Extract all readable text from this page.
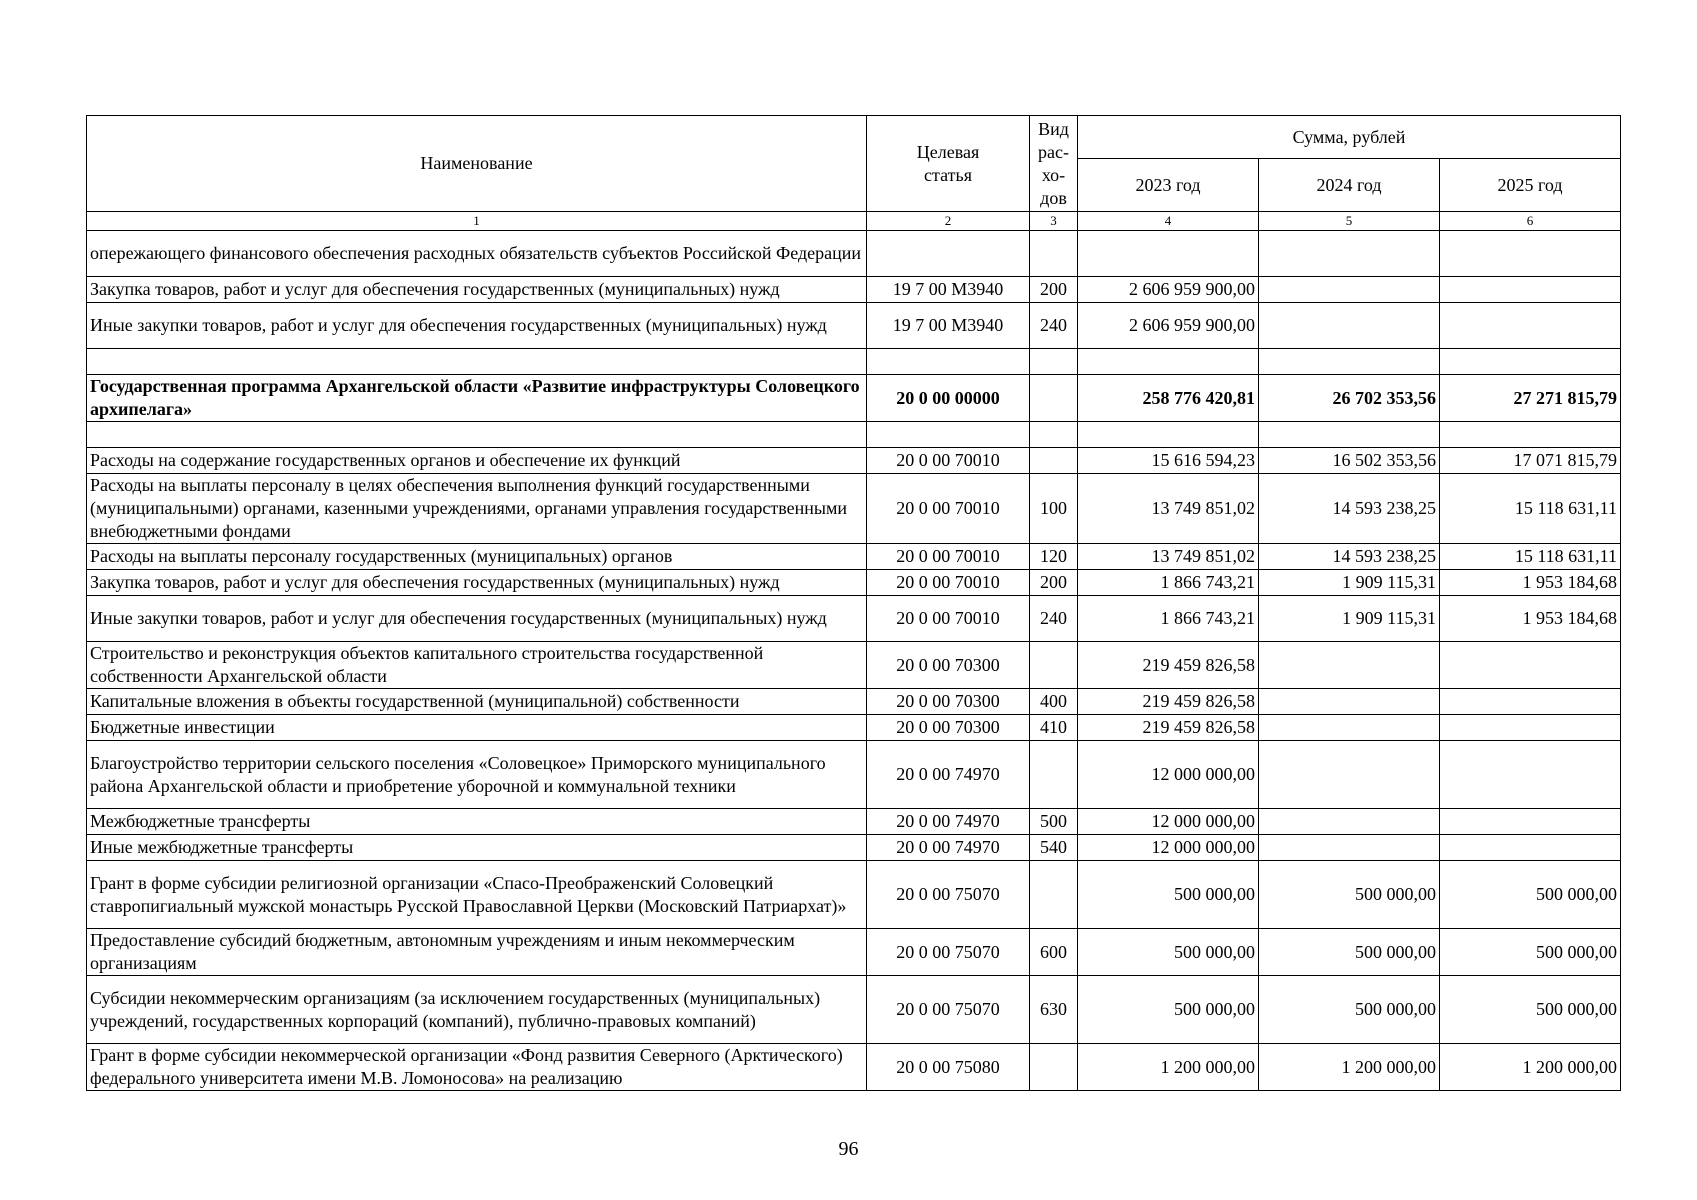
Наименование	Целевая статья	Вид рас-хо-дов	Сумма, рублей		
			2023 год	2024 год	2025 год
1	2	3	4	5	6
опережающего финансового обеспечения расходных обязательств субъектов Российской Федерации					
Закупка товаров, работ и услуг для обеспечения государственных (муниципальных) нужд	19 7 00 М3940	200	2 606 959 900,00		
Иные закупки товаров, работ и услуг для обеспечения государственных (муниципальных) нужд	19 7 00 М3940	240	2 606 959 900,00		

Государственная программа Архангельской области «Развитие инфраструктуры Соловецкого архипелага»	20 0 00 00000		258 776 420,81	26 702 353,56	27 271 815,79

Расходы на содержание государственных органов и обеспечение их функций	20 0 00 70010		15 616 594,23	16 502 353,56	17 071 815,79
Расходы на выплаты персоналу в целях обеспечения выполнения функций государственными (муниципальными) органами, казенными учреждениями, органами управления государственными внебюджетными фондами	20 0 00 70010	100	13 749 851,02	14 593 238,25	15 118 631,11
Расходы на выплаты персоналу государственных (муниципальных) органов	20 0 00 70010	120	13 749 851,02	14 593 238,25	15 118 631,11
Закупка товаров, работ и услуг для обеспечения государственных (муниципальных) нужд	20 0 00 70010	200	1 866 743,21	1 909 115,31	1 953 184,68
Иные закупки товаров, работ и услуг для обеспечения государственных (муниципальных) нужд	20 0 00 70010	240	1 866 743,21	1 909 115,31	1 953 184,68
Строительство и реконструкция объектов капитального строительства государственной собственности Архангельской области	20 0 00 70300		219 459 826,58		
Капитальные вложения в объекты государственной (муниципальной) собственности	20 0 00 70300	400	219 459 826,58		
Бюджетные инвестиции	20 0 00 70300	410	219 459 826,58		
Благоустройство территории сельского поселения «Соловецкое» Приморского муниципального района Архангельской области и приобретение уборочной и коммунальной техники	20 0 00 74970		12 000 000,00		
Межбюджетные трансферты	20 0 00 74970	500	12 000 000,00		
Иные межбюджетные трансферты	20 0 00 74970	540	12 000 000,00		
Грант в форме субсидии религиозной организации «Спасо-Преображенский Соловецкий ставропигиальный мужской монастырь Русской Православной Церкви (Московский Патриархат)»	20 0 00 75070		500 000,00	500 000,00	500 000,00
Предоставление субсидий бюджетным, автономным учреждениям и иным некоммерческим организациям	20 0 00 75070	600	500 000,00	500 000,00	500 000,00
Субсидии некоммерческим организациям (за исключением государственных (муниципальных) учреждений, государственных корпораций (компаний), публично-правовых компаний)	20 0 00 75070	630	500 000,00	500 000,00	500 000,00
Грант в форме субсидии некоммерческой организации «Фонд развития Северного (Арктического) федерального университета имени М.В. Ломоносова» на реализацию	20 0 00 75080		1 200 000,00	1 200 000,00	1 200 000,00
96
